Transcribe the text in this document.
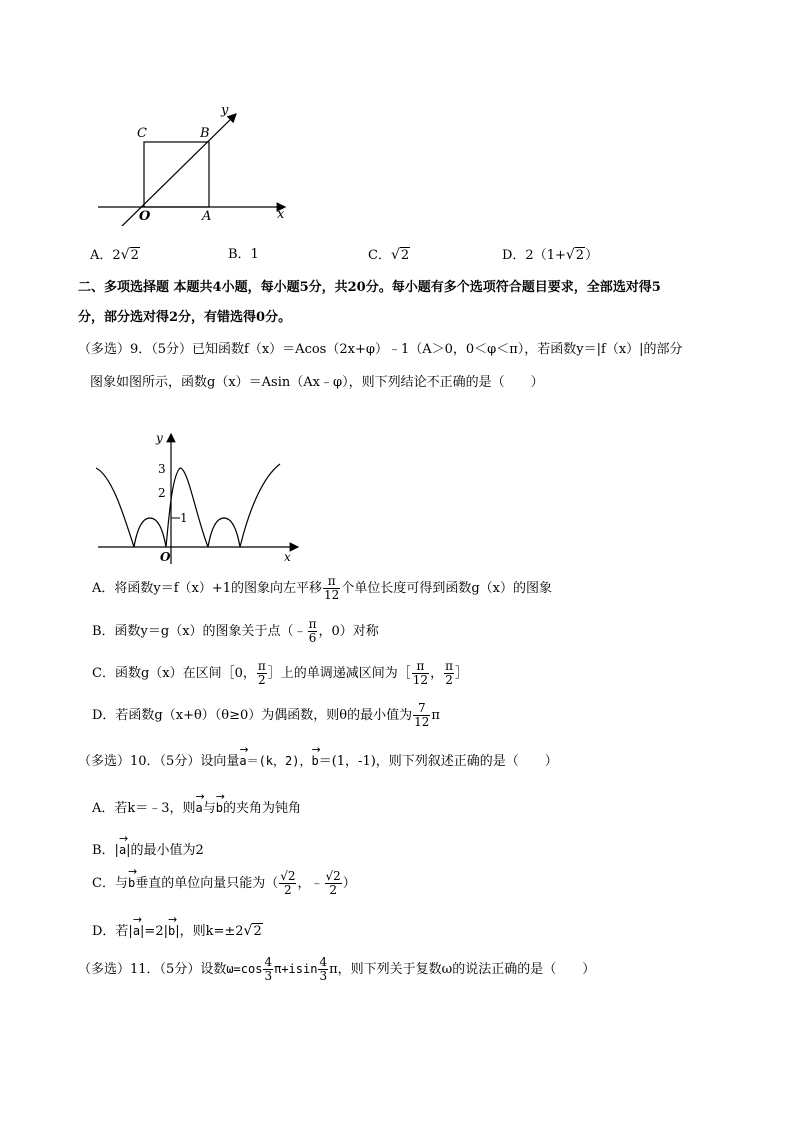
y
C	B
O	A	x
A．2√2	B．1	C．√2	D．2（1+√2）
二、多项选择题 本题共4小题，每小题5分，共20分。每小题有多个选项符合题目要求，全部选对得5
分，部分选对得2分，有错选得0分。
（多选）9．（5分）已知函数f（x）＝Acos（2x+φ）﹣1（A＞0，0＜φ＜π），若函数y＝|f（x）|的部分
图象如图所示，函数g（x）＝Asin（Ax﹣φ），则下列结论不正确的是（　　）
y
3
2
1
O	x
A．将函数y＝f（x）+1的图象向左平移 $\frac{\pi}{12}$ 个单位长度可得到函数g（x）的图象
B．函数y＝g（x）的图象关于点（﹣ $\frac{\pi}{6}$ ，0）对称
C．函数g（x）在区间［0， $\frac{\pi}{2}$ ］上的单调递减区间为［ $\frac{\pi}{12}$ ， $\frac{\pi}{2}$ ］
D．若函数g（x+θ）（θ≥0）为偶函数，则θ的最小值为 $\frac{7}{12}$ π
（多选）10．（5分）设向量
→
a＝(k，2)，
→
b＝(1，-1)，则下列叙述正确的是（　　）
A．若k＝﹣3，则
→
a与
→
b的夹角为钝角
B．|
→
a|的最小值为2
C．与
→
b垂直的单位向量只能为（ $\frac{√2}{2}$ ，﹣ $\frac{√2}{2}$ ）
D．若|
→
a|=2|
→
b|，则k=±2√2
（多选）11．（5分）设数$\omega=\cos \frac{4}{3} \pi+isin \frac{4}{3}$ π，则下列关于复数ω的说法正确的是（　　）
